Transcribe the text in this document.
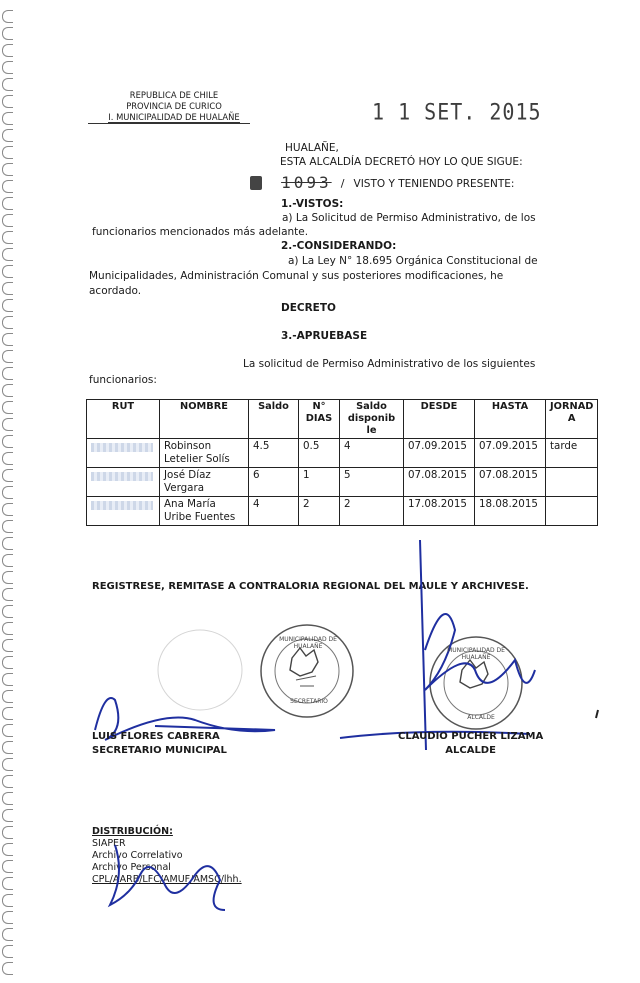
REPUBLICA DE CHILE
PROVINCIA DE CURICO
I. MUNICIPALIDAD DE HUALAÑE	1 1 SET. 2015
HUALAÑE,
ESTA ALCALDÍA DECRETÓ HOY LO QUE SIGUE:
1093 / VISTO Y TENIENDO PRESENTE:
1.-VISTOS:
a) La Solicitud de Permiso Administrativo, de los
funcionarios mencionados más adelante.
2.-CONSIDERANDO:
a) La Ley N° 18.695 Orgánica Constitucional de
Municipalidades, Administración Comunal y sus posteriores modificaciones, he
acordado.
DECRETO
3.-APRUEBASE
La solicitud de Permiso Administrativo de los siguientes
funcionarios:
RUT	NOMBRE	Saldo	N° DIAS	Saldo disponib le	DESDE	HASTA	JORNAD A
	Robinson Letelier Solís	4.5	0.5	4	07.09.2015	07.09.2015	tarde
	José Díaz Vergara	6	1	5	07.08.2015	07.08.2015	
	Ana María Uribe Fuentes	4	2	2	17.08.2015	18.08.2015	
REGISTRESE, REMITASE A CONTRALORIA REGIONAL DEL MAULE Y ARCHIVESE.
MUNICIPALIDAD DE HUALAÑE
SECRETARIO
MUNICIPALIDAD DE HUALAÑE
ALCALDE
LUIS FLORES CABRERA
SECRETARIO MUNICIPAL
CLAUDIO PUCHER LIZAMA
ALCALDE
DISTRIBUCIÓN:
SIAPER
Archivo Correlativo
Archivo Personal
CPL/AARB/LFC/AMUF/AMSC/lhh.
